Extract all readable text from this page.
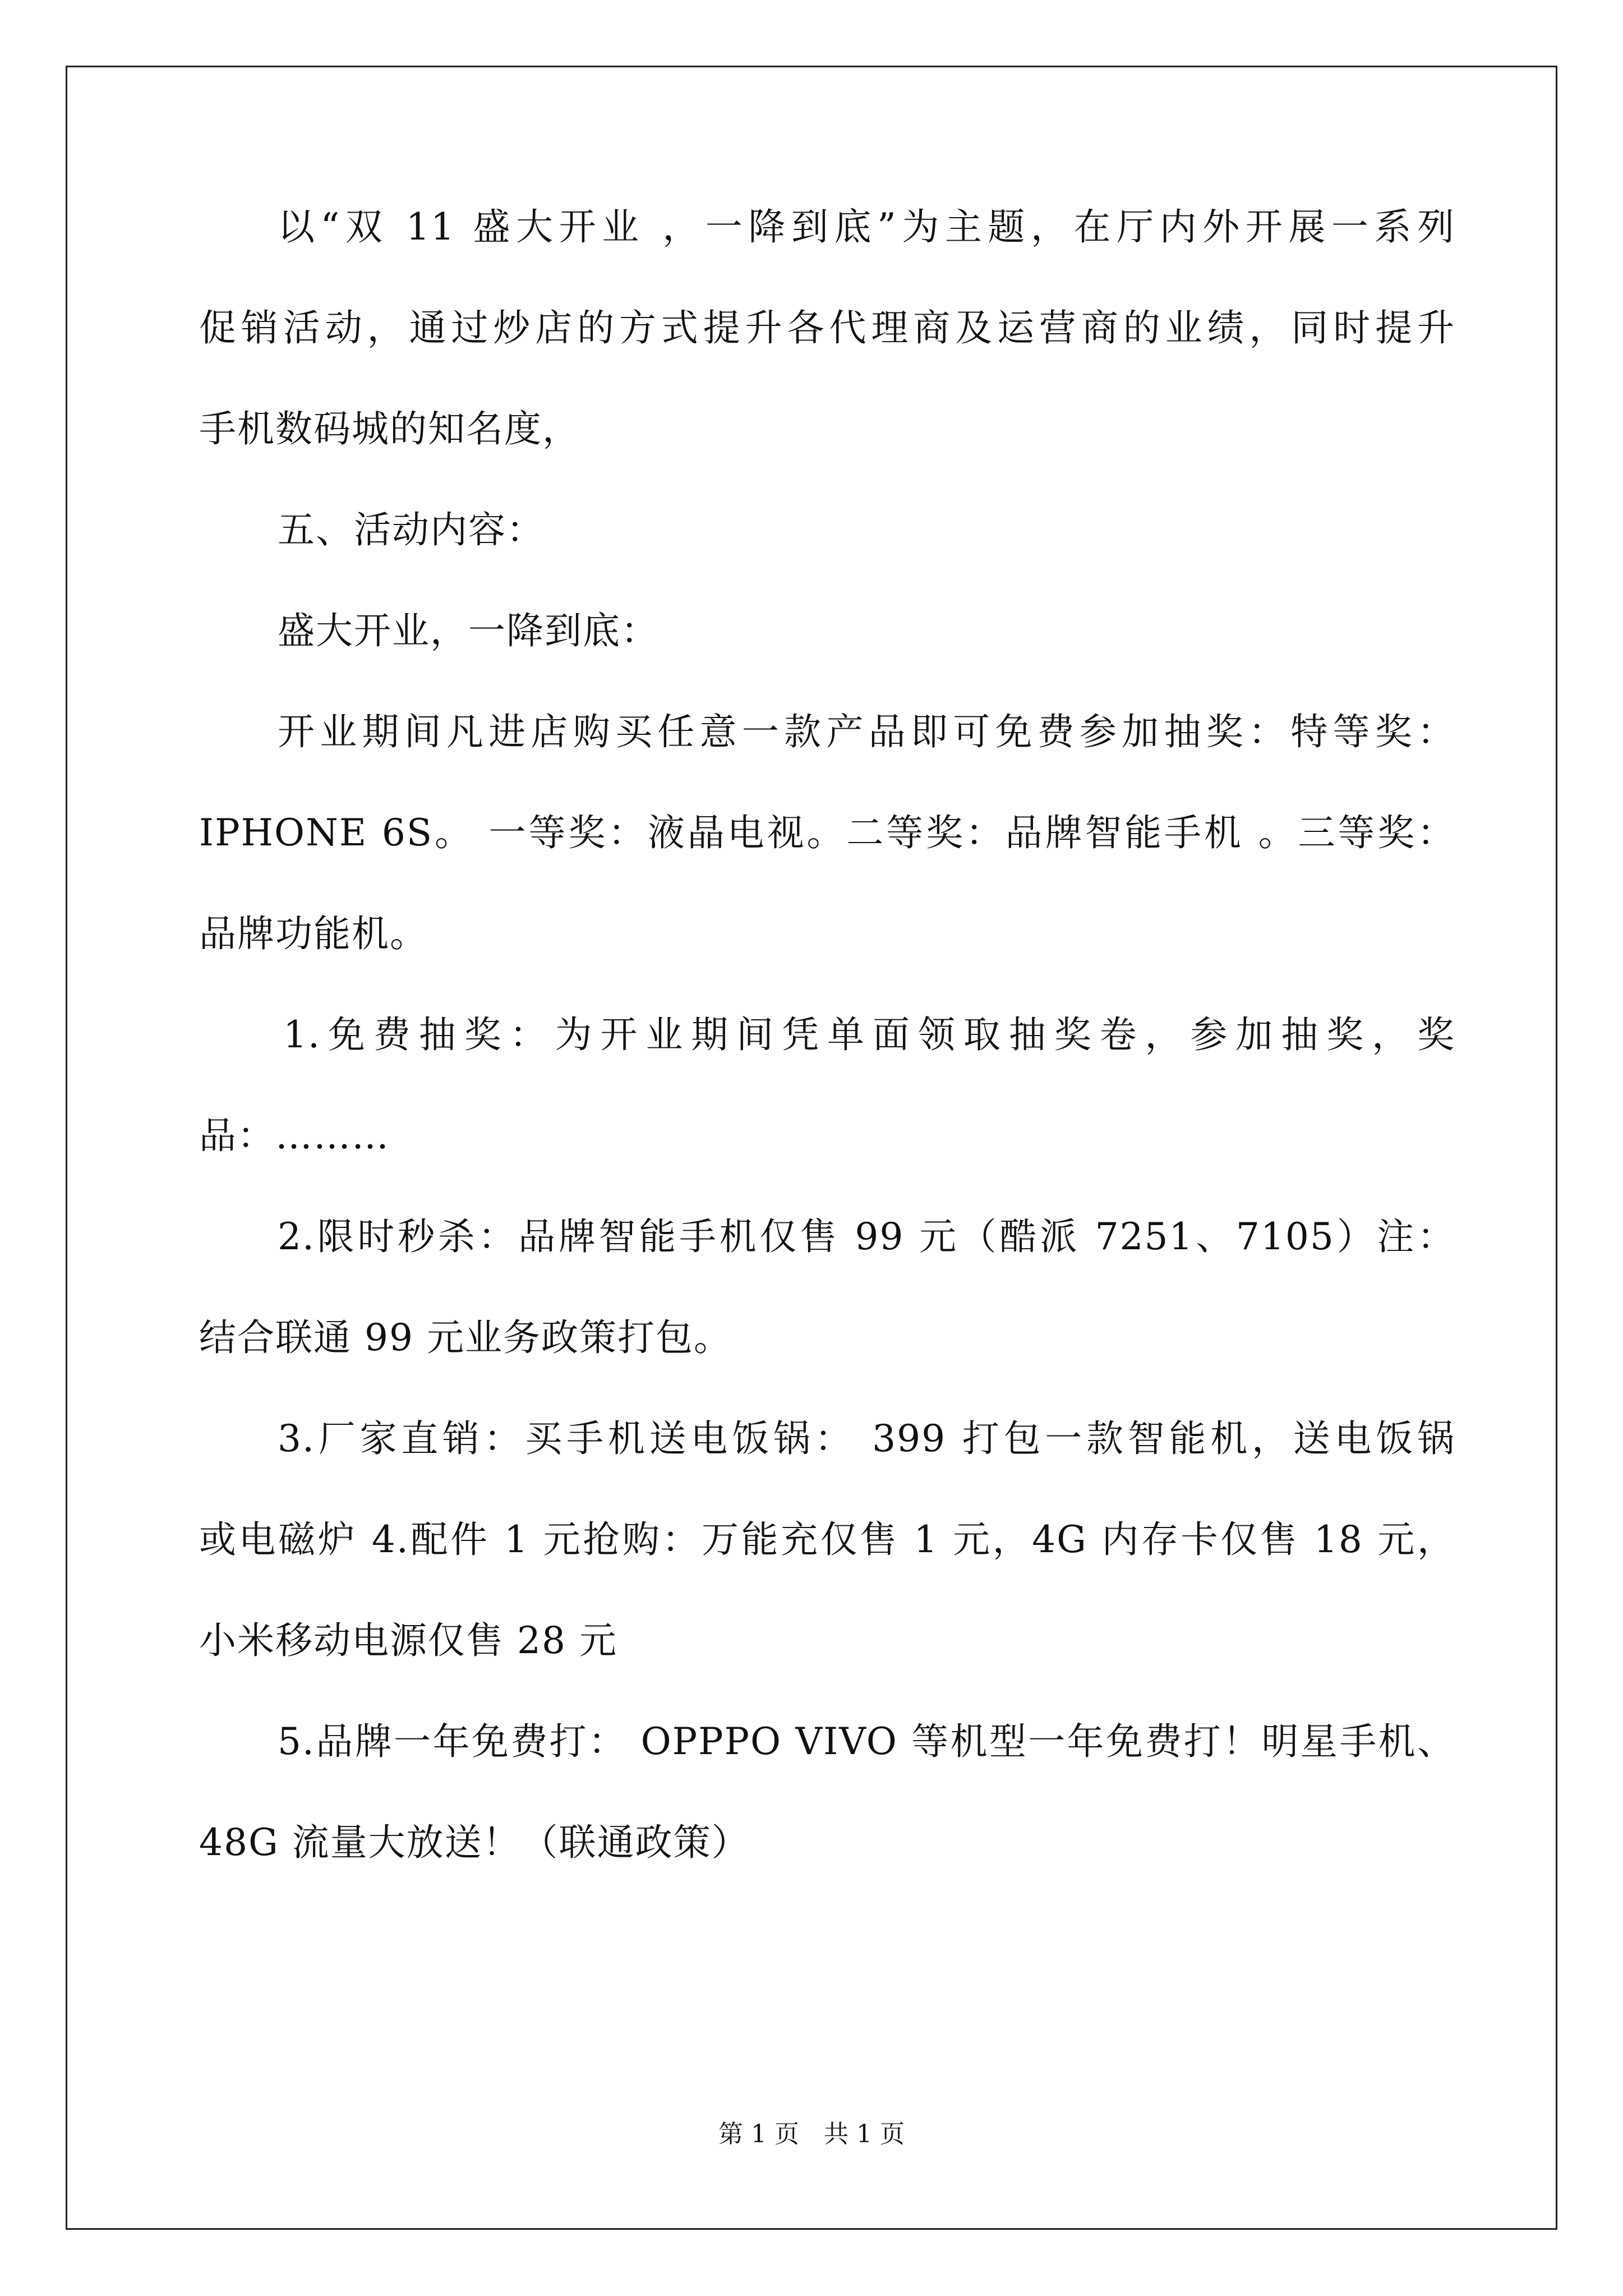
以“双 11 盛大开业 ，一降到底”为主题，在厅内外开展一系列
促销活动，通过炒店的方式提升各代理商及运营商的业绩，同时提升
手机数码城的知名度，
五、活动内容：
盛大开业，一降到底：
开业期间凡进店购买任意一款产品即可免费参加抽奖：特等奖：
IPHONE 6S。 一等奖：液晶电视。二等奖：品牌智能手机 。三等奖：
品牌功能机。
1.免费抽奖：为开业期间凭单面领取抽奖卷，参加抽奖，奖
品：………
2.限时秒杀：品牌智能手机仅售 99 元（酷派 7251、7105）注：
结合联通 99 元业务政策打包。
3.厂家直销：买手机送电饭锅： 399 打包一款智能机，送电饭锅
或电磁炉 4.配件 1 元抢购：万能充仅售 1 元，4G 内存卡仅售 18 元，
小米移动电源仅售 28 元
5.品牌一年免费打： OPPPO VIVO 等机型一年免费打！明星手机、
48G 流量大放送！（联通政策）
第 1 页　共 1 页
